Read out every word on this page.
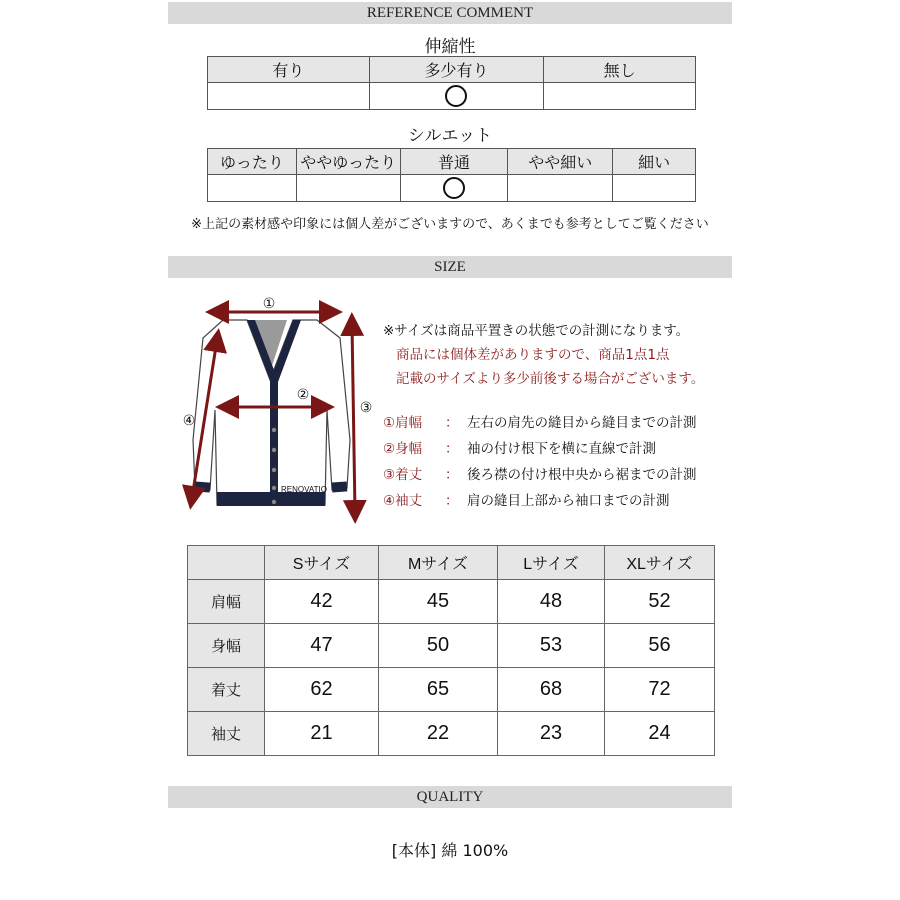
REFERENCE COMMENT
伸縮性
有り	多少有り	無し

シルエット
ゆったり	ややゆったり	普通	やや細い	細い

※上記の素材感や印象には個人差がございますので、あくまでも参考としてご覧ください
SIZE
RENOVATIO
①
②
③
④
※サイズは商品平置きの状態での計測になります。
商品には個体差がありますので、商品1点1点
記載のサイズより多少前後する場合がございます。
①肩幅 ： 左右の肩先の縫目から縫目までの計測
②身幅 ： 袖の付け根下を横に直線で計測
③着丈 ： 後ろ襟の付け根中央から裾までの計測
④袖丈 ： 肩の縫目上部から袖口までの計測
	Sサイズ	Mサイズ	Lサイズ	XLサイズ
肩幅	42	45	48	52
身幅	47	50	53	56
着丈	62	65	68	72
袖丈	21	22	23	24
QUALITY
[本体] 綿 100%
